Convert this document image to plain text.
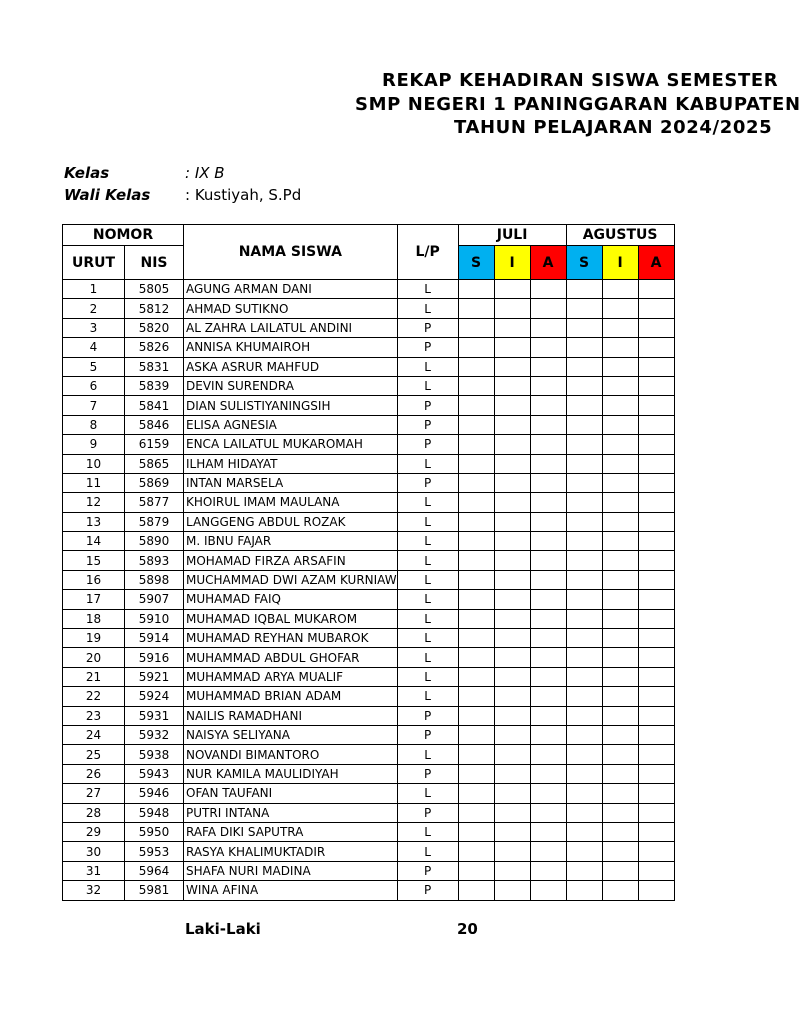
REKAP KEHADIRAN SISWA SEMESTER
SMP NEGERI 1 PANINGGARAN KABUPATEN
TAHUN PELAJARAN 2024/2025
Kelas	: IX B
Wali Kelas : Kustiyah, S.Pd
NOMOR		NAMA SISWA	L/P	JULI			AGUSTUS		
URUT	NIS			S	I	A	S	I	A
1	5805	AGUNG ARMAN DANI	L						
2	5812	AHMAD SUTIKNO	L						
3	5820	AL ZAHRA LAILATUL ANDINI	P						
4	5826	ANNISA KHUMAIROH	P						
5	5831	ASKA ASRUR MAHFUD	L						
6	5839	DEVIN SURENDRA	L						
7	5841	DIAN SULISTIYANINGSIH	P						
8	5846	ELISA AGNESIA	P						
9	6159	ENCA LAILATUL MUKAROMAH	P						
10	5865	ILHAM HIDAYAT	L						
11	5869	INTAN MARSELA	P						
12	5877	KHOIRUL IMAM MAULANA	L						
13	5879	LANGGENG ABDUL ROZAK	L						
14	5890	M. IBNU FAJAR	L						
15	5893	MOHAMAD FIRZA ARSAFIN	L						
16	5898	MUCHAMMAD DWI AZAM KURNIAW	L						
17	5907	MUHAMAD FAIQ	L						
18	5910	MUHAMAD IQBAL MUKAROM	L						
19	5914	MUHAMAD REYHAN MUBAROK	L						
20	5916	MUHAMMAD ABDUL GHOFAR	L						
21	5921	MUHAMMAD ARYA MUALIF	L						
22	5924	MUHAMMAD BRIAN ADAM	L						
23	5931	NAILIS RAMADHANI	P						
24	5932	NAISYA SELIYANA	P						
25	5938	NOVANDI BIMANTORO	L						
26	5943	NUR KAMILA MAULIDIYAH	P						
27	5946	OFAN TAUFANI	L						
28	5948	PUTRI INTANA	P						
29	5950	RAFA DIKI SAPUTRA	L						
30	5953	RASYA KHALIMUKTADIR	L						
31	5964	SHAFA NURI MADINA	P						
32	5981	WINA AFINA	P						
Laki-Laki	20
